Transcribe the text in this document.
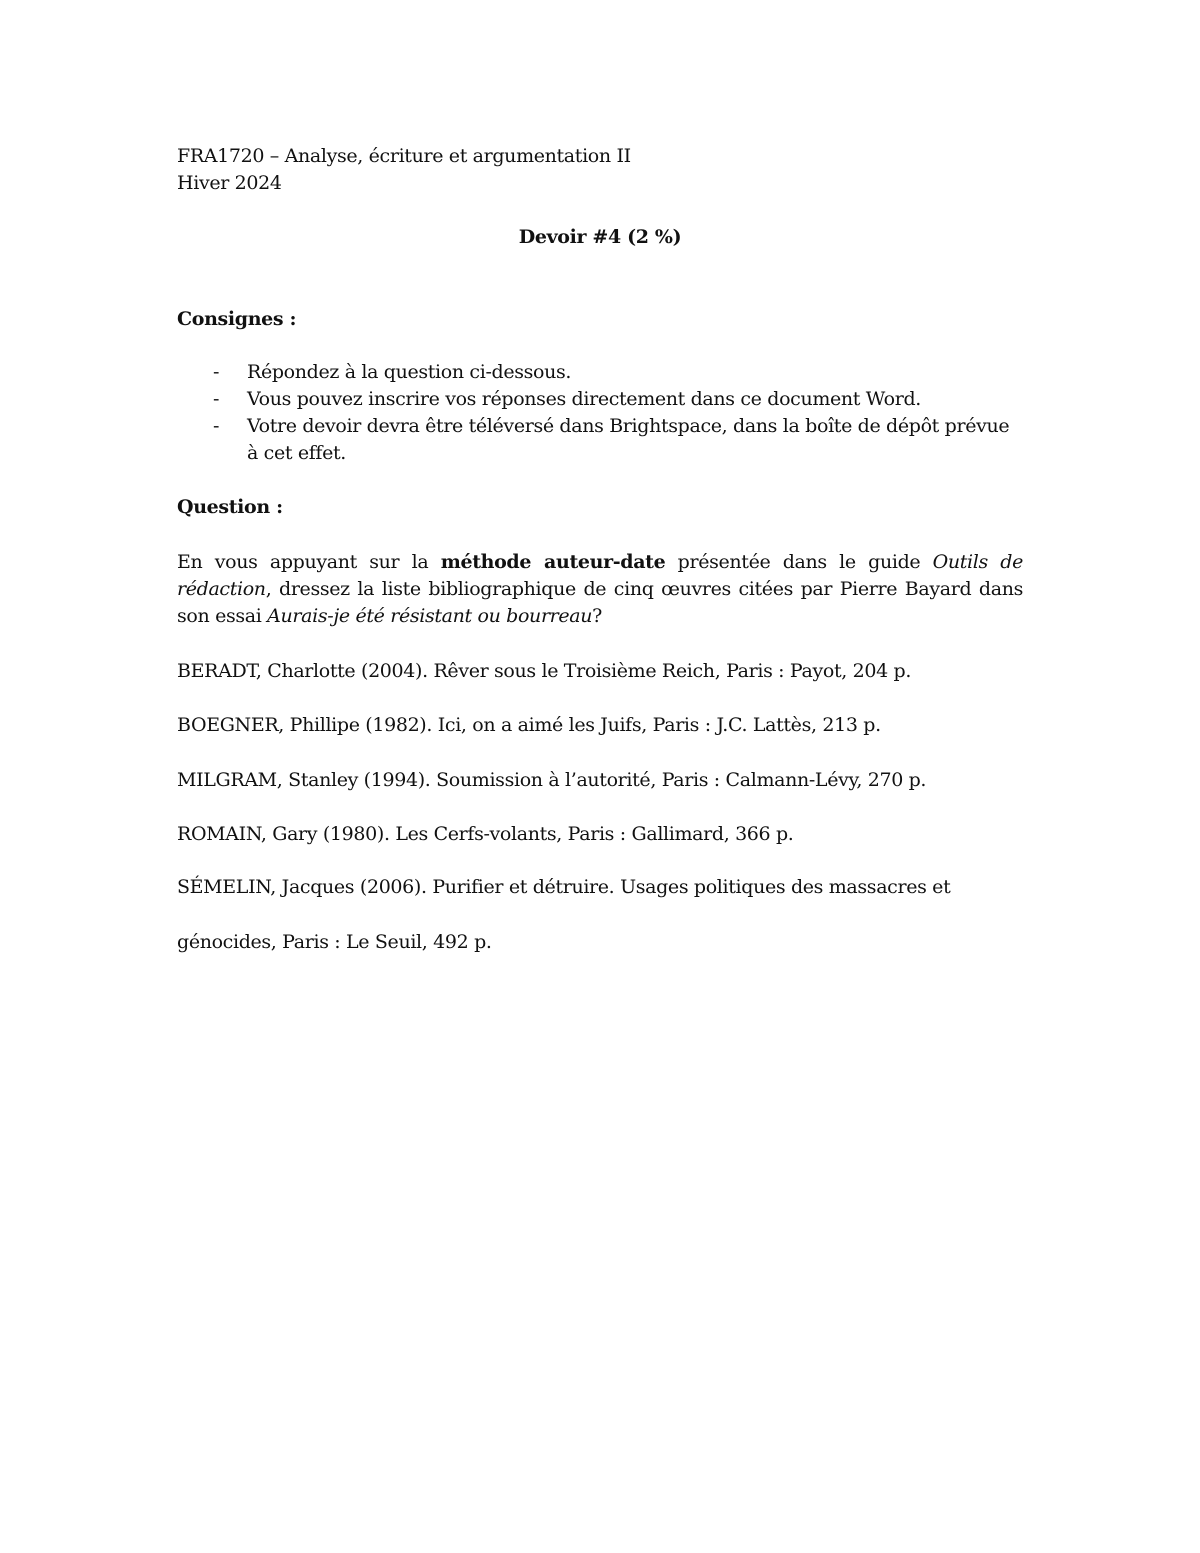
FRA1720 – Analyse, écriture et argumentation II

Hiver 2024

Devoir #4 (2 %)

Consignes :

- Répondez à la question ci-dessous.
- Vous pouvez inscrire vos réponses directement dans ce document Word.
- Votre devoir devra être téléversé dans Brightspace, dans la boîte de dépôt prévue à cet effet.

Question :

En vous appuyant sur la méthode auteur-date présentée dans le guide Outils de rédaction, dressez la liste bibliographique de cinq œuvres citées par Pierre Bayard dans son essai Aurais-je été résistant ou bourreau?

BERADT, Charlotte (2004). Rêver sous le Troisième Reich, Paris : Payot, 204 p.

BOEGNER, Phillipe (1982). Ici, on a aimé les Juifs, Paris : J.C. Lattès, 213 p.

MILGRAM, Stanley (1994). Soumission à l’autorité, Paris : Calmann-Lévy, 270 p.

ROMAIN, Gary (1980). Les Cerfs-volants, Paris : Gallimard, 366 p.

SÉMELIN, Jacques (2006). Purifier et détruire. Usages politiques des massacres et

génocides, Paris : Le Seuil, 492 p.
